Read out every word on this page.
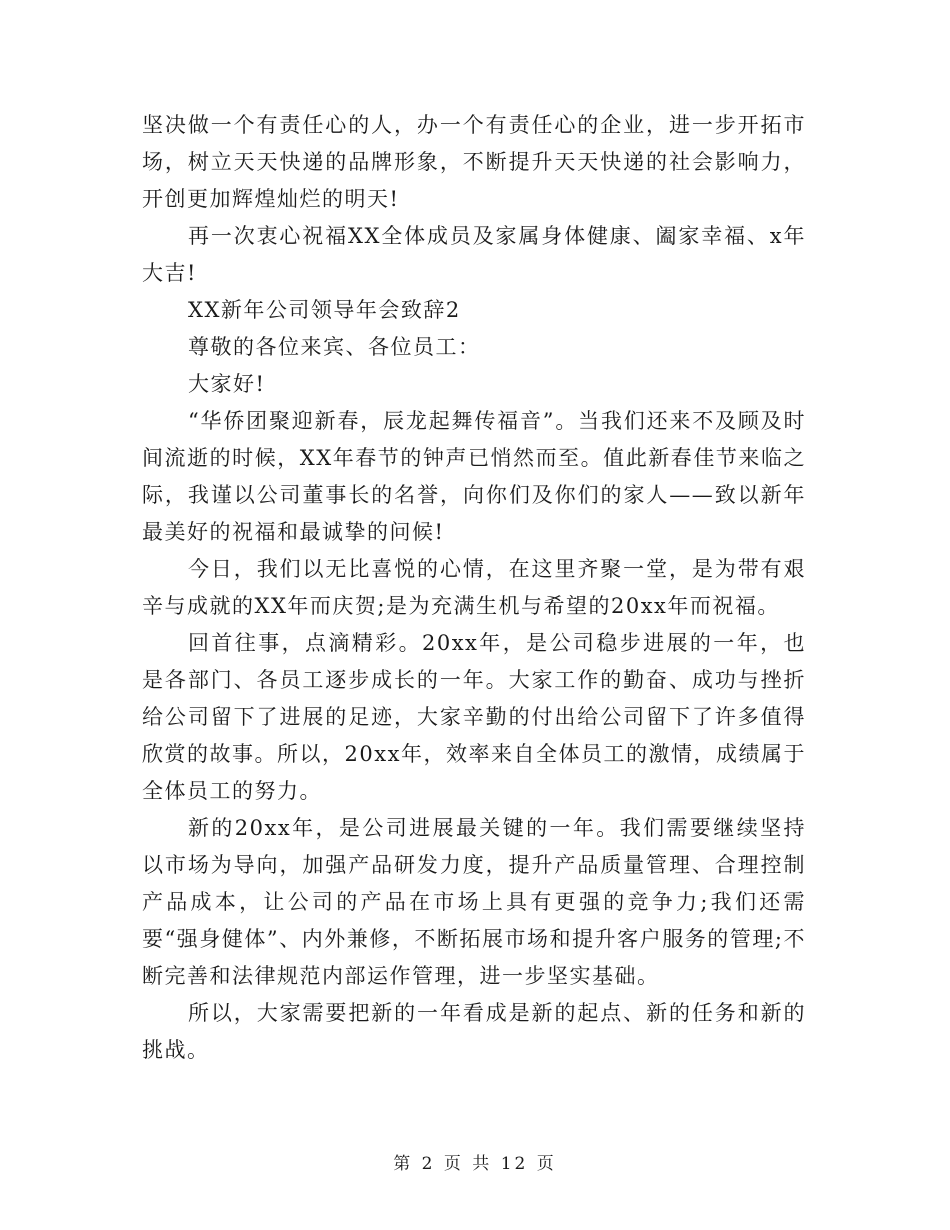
坚决做一个有责任心的人，办一个有责任心的企业，进一步开拓市场，树立天天快递的品牌形象，不断提升天天快递的社会影响力，开创更加辉煌灿烂的明天!

再一次衷心祝福XX全体成员及家属身体健康、阖家幸福、x年大吉!

XX新年公司领导年会致辞2

尊敬的各位来宾、各位员工：

大家好!

“华侨团聚迎新春，辰龙起舞传福音”。当我们还来不及顾及时间流逝的时候，XX年春节的钟声已悄然而至。值此新春佳节来临之际，我谨以公司董事长的名誉，向你们及你们的家人——致以新年最美好的祝福和最诚挚的问候!

今日，我们以无比喜悦的心情，在这里齐聚一堂，是为带有艰辛与成就的XX年而庆贺;是为充满生机与希望的20xx年而祝福。

回首往事，点滴精彩。20xx年，是公司稳步进展的一年，也是各部门、各员工逐步成长的一年。大家工作的勤奋、成功与挫折给公司留下了进展的足迹，大家辛勤的付出给公司留下了许多值得欣赏的故事。所以，20xx年，效率来自全体员工的激情，成绩属于全体员工的努力。

新的20xx年，是公司进展最关键的一年。我们需要继续坚持以市场为导向，加强产品研发力度，提升产品质量管理、合理控制产品成本，让公司的产品在市场上具有更强的竞争力;我们还需要“强身健体”、内外兼修，不断拓展市场和提升客户服务的管理;不断完善和法律规范内部运作管理，进一步坚实基础。

所以，大家需要把新的一年看成是新的起点、新的任务和新的挑战。

第 2 页 共 12 页
